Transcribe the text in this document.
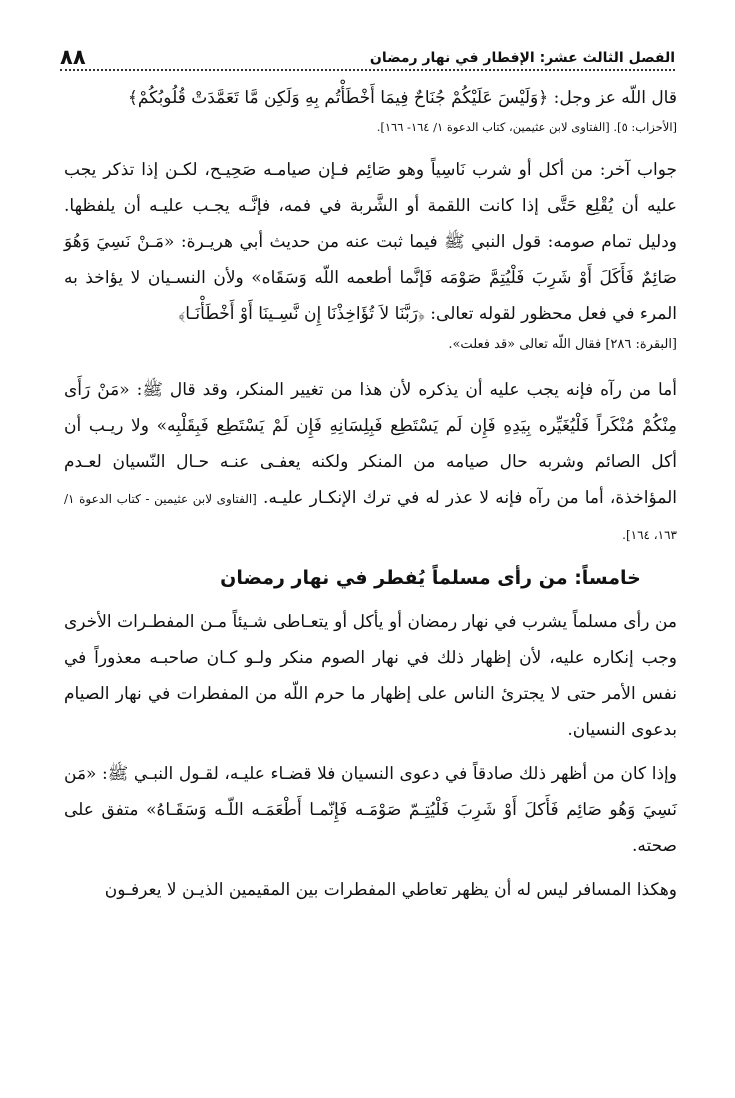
٨٨	الفصل الثالث عشر: الإفطار في نهار رمضان

قال اللّه عز وجل: ﴿وَلَيْسَ عَلَيْكُمْ جُنَاحٌ فِيمَا أَخْطَأْتُم بِهِ وَلَكِن مَّا تَعَمَّدَتْ قُلُوبُكُمْ﴾

[الأحزاب: ٥]. [الفتاوى لابن عثيمين، كتاب الدعوة ١/ ١٦٤- ١٦٦].

جواب آخر: من أكل أو شرب نَاسِياً وهو صَائِم فـإن صيامـه صَحِيـح، لكـن إذا تذكر يجب عليه أن يُقْلِع حَتَّى إذا كانت اللقمة أو الشَّربة في فمه، فإنَّـه يجـب عليـه أن يلفظها. ودليل تمام صومه: قول النبي ﷺ فيما ثبت عنه من حديث أبي هريـرة: «مَـنْ نَسِيَ وَهُوَ صَائِمٌ فَأَكَلَ أَوْ شَرِبَ فَلْيُتِمَّ صَوْمَه فَإنَّما أطعمه اللّه وَسَقَاه» ولأن النسـيان لا يؤاخذ به المرء في فعل محظور لقوله تعالى: ﴿رَبَّنَا لاَ تُؤَاخِذْنَا إِن نَّسِـينَا أَوْ أَخْطَأْنَـا﴾

[البقرة: ٢٨٦] فقال اللّه تعالى «قد فعلت».

أما من رآه فإنه يجب عليه أن يذكره لأن هذا من تغيير المنكر، وقد قال ﷺ: «مَنْ رَأَى مِنْكُمْ مُنْكَراً فَلْيُغَيِّره بِيَدِهِ فَإِن لَم يَسْتَطِع فَبِلِسَانِهِ فَإِن لَمْ يَسْتَطِع فَبِقَلْبِه» ولا ريـب أن أكل الصائم وشربه حال صيامه من المنكر ولكنه يعفـى عنـه حـال النّسيان لعـدم المؤاخذة، أما من رآه فإنه لا عذر له في ترك الإنكـار عليـه. [الفتاوى لابن عثيمين - كتاب الدعوة ١/ ١٦٣، ١٦٤].

خامساً: من رأى مسلماً يُفطر في نهار رمضان

من رأى مسلماً يشرب في نهار رمضان أو يأكل أو يتعـاطى شـيئاً مـن المفطـرات الأخرى وجب إنكاره عليه، لأن إظهار ذلك في نهار الصوم منكر ولـو كـان صاحبـه معذوراً في نفس الأمر حتى لا يجترئ الناس على إظهار ما حرم اللّه من المفطرات في نهار الصيام بدعوى النسيان.

وإذا كان من أظهر ذلك صادقاً في دعوى النسيان فلا قضـاء عليـه، لقـول النبـي ﷺ: «مَن نَسِيَ وَهُو صَائِم فَأَكلَ أَوْ شَرِبَ فَلْيُتِـمّ صَوْمَـه فَإِنّمـا أَطْعَمَـه اللّـه وَسَقَـاهُ» متفق على صحته.

وهكذا المسافر ليس له أن يظهر تعاطي المفطرات بين المقيمين الذيـن لا يعرفـون
